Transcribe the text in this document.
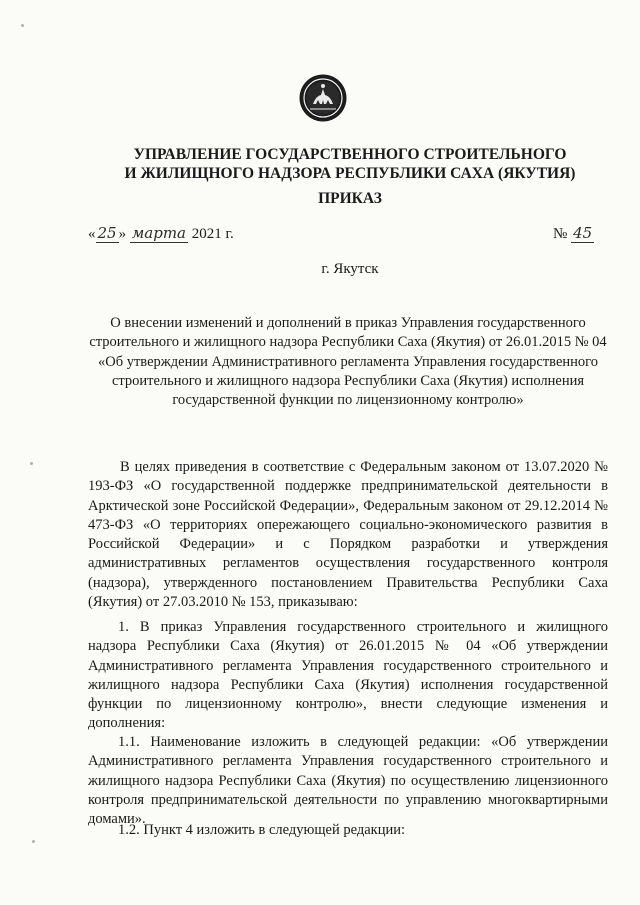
УПРАВЛЕНИЕ ГОСУДАРСТВЕННОГО СТРОИТЕЛЬНОГО
И ЖИЛИЩНОГО НАДЗОРА РЕСПУБЛИКИ САХА (ЯКУТИЯ)
ПРИКАЗ
« 25 » марта 2021 г.	№ 45
г. Якутск
О внесении изменений и дополнений в приказ Управления государственного строительного и жилищного надзора Республики Саха (Якутия) от 26.01.2015 № 04 «Об утверждении Административного регламента Управления государственного строительного и жилищного надзора Республики Саха (Якутия) исполнения государственной функции по лицензионному контролю»
В целях приведения в соответствие с Федеральным законом от 13.07.2020 № 193-ФЗ «О государственной поддержке предпринимательской деятельности в Арктической зоне Российской Федерации», Федеральным законом от 29.12.2014 № 473-ФЗ «О территориях опережающего социально-экономического развития в Российской Федерации» и с Порядком разработки и утверждения административных регламентов осуществления государственного контроля (надзора), утвержденного постановлением Правительства Республики Саха (Якутия) от 27.03.2010 № 153, приказываю:
1. В приказ Управления государственного строительного и жилищного надзора Республики Саха (Якутия) от 26.01.2015 № 04 «Об утверждении Административного регламента Управления государственного строительного и жилищного надзора Республики Саха (Якутия) исполнения государственной функции по лицензионному контролю», внести следующие изменения и дополнения:
1.1. Наименование изложить в следующей редакции: «Об утверждении Административного регламента Управления государственного строительного и жилищного надзора Республики Саха (Якутия) по осуществлению лицензионного контроля предпринимательской деятельности по управлению многоквартирными домами».
1.2. Пункт 4 изложить в следующей редакции:
